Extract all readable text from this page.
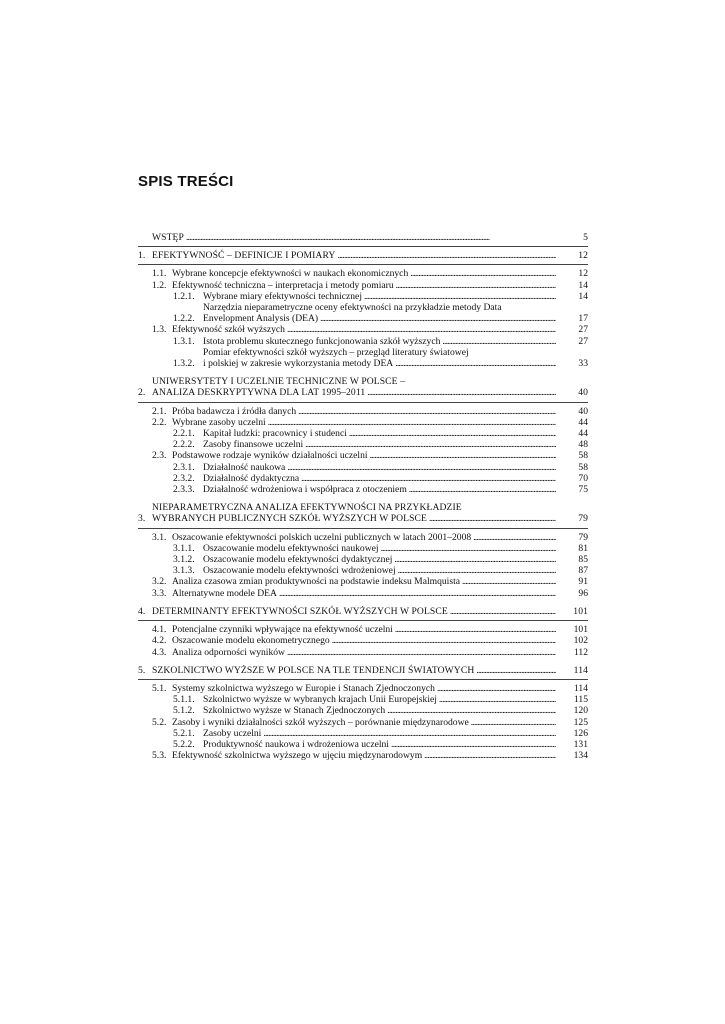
SPIS TREŚCI
WSTĘP . . .	5
1. EFEKTYWNOŚĆ – DEFINICJE I POMIARY . . .	12
1.1. Wybrane koncepcje efektywności w naukach ekonomicznych . . .	12
1.2. Efektywność techniczna – interpretacja i metody pomiaru . . .	14
1.2.1. Wybrane miary efektywności technicznej . . .	14
1.2.2.
Narzędzia nieparametryczne oceny efektywności na przykładzie metody Data
Envelopment Analysis (DEA) . . .	17
1.3. Efektywność szkół wyższych . . .	27
1.3.1. Istota problemu skutecznego funkcjonowania szkół wyższych . . .	27
1.3.2.
Pomiar efektywności szkół wyższych – przegląd literatury światowej
i polskiej w zakresie wykorzystania metody DEA . . .	33
2.
UNIWERSYTETY I UCZELNIE TECHNICZNE W POLSCE –
ANALIZA DESKRYPTYWNA DLA LAT 1995–2011 . . .	40
2.1. Próba badawcza i źródła danych . . .	40
2.2. Wybrane zasoby uczelni . . .	44
2.2.1. Kapitał ludzki: pracownicy i studenci . . .	44
2.2.2. Zasoby finansowe uczelni . . .	48
2.3. Podstawowe rodzaje wyników działalności uczelni . . .	58
2.3.1. Działalność naukowa . . .	58
2.3.2. Działalność dydaktyczna . . .	70
2.3.3. Działalność wdrożeniowa i współpraca z otoczeniem . . .	75
3.
NIEPARAMETRYCZNA ANALIZA EFEKTYWNOŚCI NA PRZYKŁADZIE
WYBRANYCH PUBLICZNYCH SZKÓŁ WYŻSZYCH W POLSCE . . .	79
3.1. Oszacowanie efektywności polskich uczelni publicznych w latach 2001–2008 . . .	79
3.1.1. Oszacowanie modelu efektywności naukowej . . .	81
3.1.2. Oszacowanie modelu efektywności dydaktycznej . . .	85
3.1.3. Oszacowanie modelu efektywności wdrożeniowej . . .	87
3.2. Analiza czasowa zmian produktywności na podstawie indeksu Malmquista . . .	91
3.3. Alternatywne modele DEA . . .	96
4. DETERMINANTY EFEKTYWNOŚCI SZKÓŁ WYŻSZYCH W POLSCE . . .	101
4.1. Potencjalne czynniki wpływające na efektywność uczelni . . .	101
4.2. Oszacowanie modelu ekonometrycznego . . .	102
4.3. Analiza odporności wyników . . .	112
5. SZKOLNICTWO WYŻSZE W POLSCE NA TLE TENDENCJI ŚWIATOWYCH . . .	114
5.1. Systemy szkolnictwa wyższego w Europie i Stanach Zjednoczonych . . .	114
5.1.1. Szkolnictwo wyższe w wybranych krajach Unii Europejskiej . . .	115
5.1.2. Szkolnictwo wyższe w Stanach Zjednoczonych . . .	120
5.2. Zasoby i wyniki działalności szkół wyższych – porównanie międzynarodowe . . .	125
5.2.1. Zasoby uczelni . . .	126
5.2.2. Produktywność naukowa i wdrożeniowa uczelni . . .	131
5.3. Efektywność szkolnictwa wyższego w ujęciu międzynarodowym . . .	134
